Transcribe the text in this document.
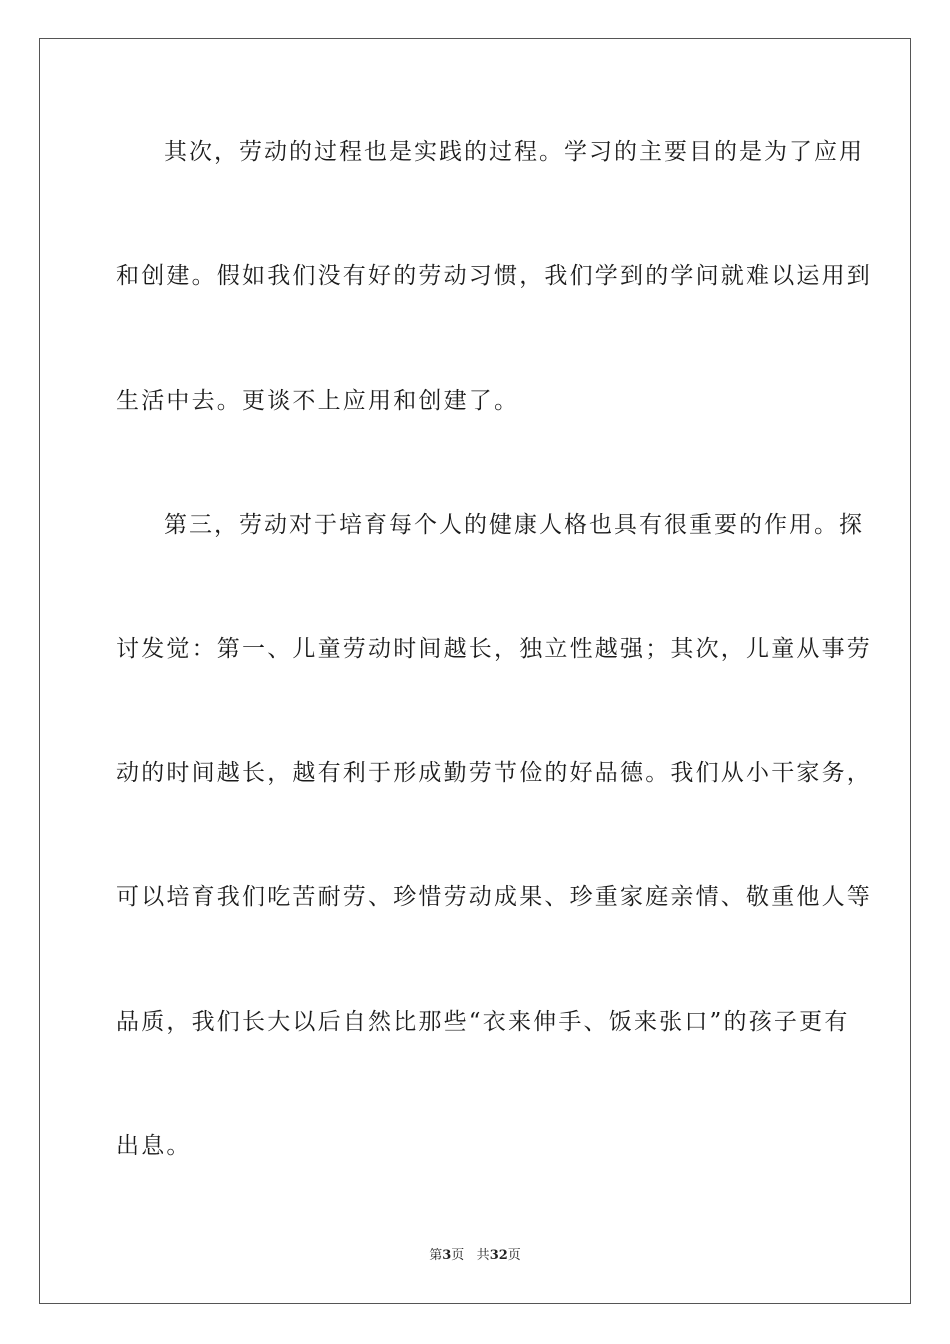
其次，劳动的过程也是实践的过程。学习的主要目的是为了应用
和创建。假如我们没有好的劳动习惯，我们学到的学问就难以运用到
生活中去。更谈不上应用和创建了。
第三，劳动对于培育每个人的健康人格也具有很重要的作用。探
讨发觉：第一、儿童劳动时间越长，独立性越强；其次，儿童从事劳
动的时间越长，越有利于形成勤劳节俭的好品德。我们从小干家务，
可以培育我们吃苦耐劳、珍惜劳动成果、珍重家庭亲情、敬重他人等
品质，我们长大以后自然比那些“衣来伸手、饭来张口”的孩子更有
出息。
第3页 共32页
